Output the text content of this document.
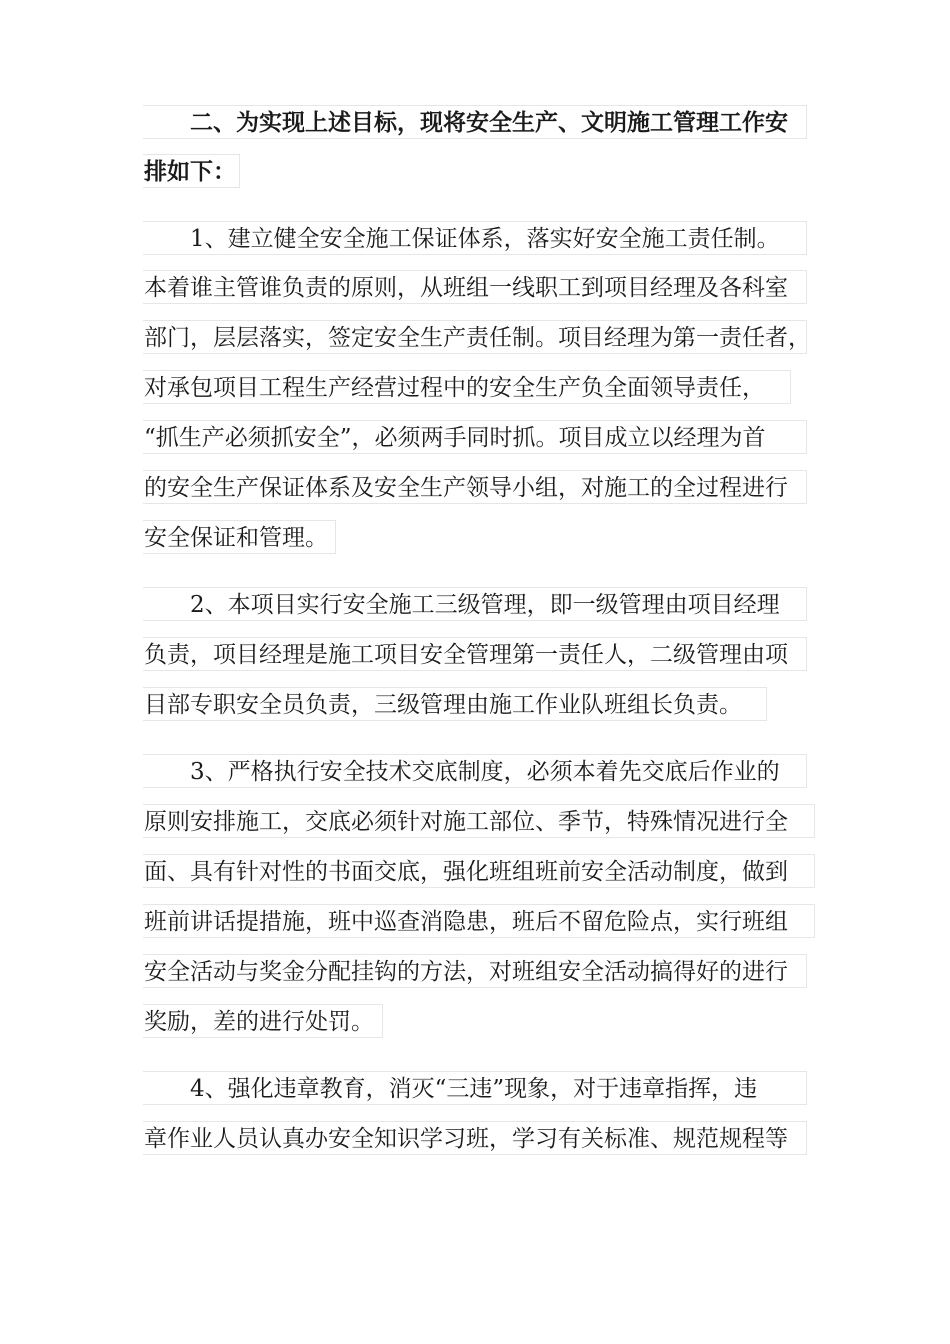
二、为实现上述目标，现将安全生产、文明施工管理工作安
排如下：
1、建立健全安全施工保证体系，落实好安全施工责任制。
本着谁主管谁负责的原则，从班组一线职工到项目经理及各科室
部门，层层落实，签定安全生产责任制。项目经理为第一责任者，
对承包项目工程生产经营过程中的安全生产负全面领导责任，
“抓生产必须抓安全”，必须两手同时抓。项目成立以经理为首
的安全生产保证体系及安全生产领导小组，对施工的全过程进行
安全保证和管理。
2、本项目实行安全施工三级管理，即一级管理由项目经理
负责，项目经理是施工项目安全管理第一责任人，二级管理由项
目部专职安全员负责，三级管理由施工作业队班组长负责。
3、严格执行安全技术交底制度，必须本着先交底后作业的
原则安排施工，交底必须针对施工部位、季节，特殊情况进行全
面、具有针对性的书面交底，强化班组班前安全活动制度，做到
班前讲话提措施，班中巡查消隐患，班后不留危险点，实行班组
安全活动与奖金分配挂钩的方法，对班组安全活动搞得好的进行
奖励，差的进行处罚。
4、强化违章教育，消灭“三违”现象，对于违章指挥，违
章作业人员认真办安全知识学习班，学习有关标准、规范规程等
